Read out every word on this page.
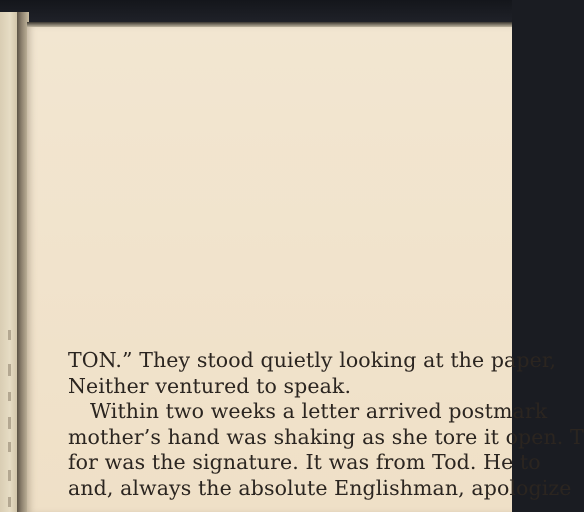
TON.” They stood quietly looking at the paper,
Neither ventured to speak.
Within two weeks a letter arrived postmark
mother’s hand was shaking as she tore it open. T
for was the signature. It was from Tod. He to
and, always the absolute Englishman, apologize
